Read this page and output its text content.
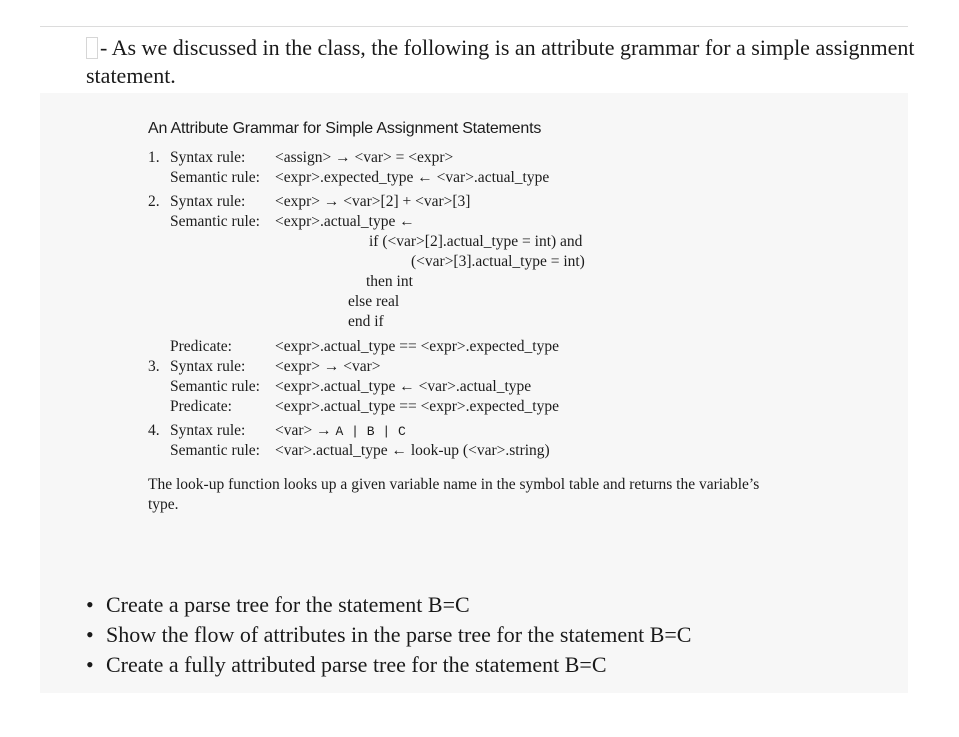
- As we discussed in the class, the following is an attribute grammar for a simple assignment statement.

An Attribute Grammar for Simple Assignment Statements
1. Syntax rule: <assign> → <var> = <expr>
Semantic rule: <expr>.expected_type ← <var>.actual_type
2. Syntax rule: <expr> → <var>[2] + <var>[3]
Semantic rule: <expr>.actual_type ←
if (<var>[2].actual_type = int) and
(<var>[3].actual_type = int)
then int
else real
end if
Predicate:	<expr>.actual_type == <expr>.expected_type
3. Syntax rule: <expr> → <var>
Semantic rule: <expr>.actual_type ← <var>.actual_type
Predicate:	<expr>.actual_type == <expr>.expected_type
4. Syntax rule: <var> → A | B | C
Semantic rule: <var>.actual_type ← look-up (<var>.string)
The look-up function looks up a given variable name in the symbol table and returns the variable’s type.
• Create a parse tree for the statement B=C
• Show the flow of attributes in the parse tree for the statement B=C
• Create a fully attributed parse tree for the statement B=C
